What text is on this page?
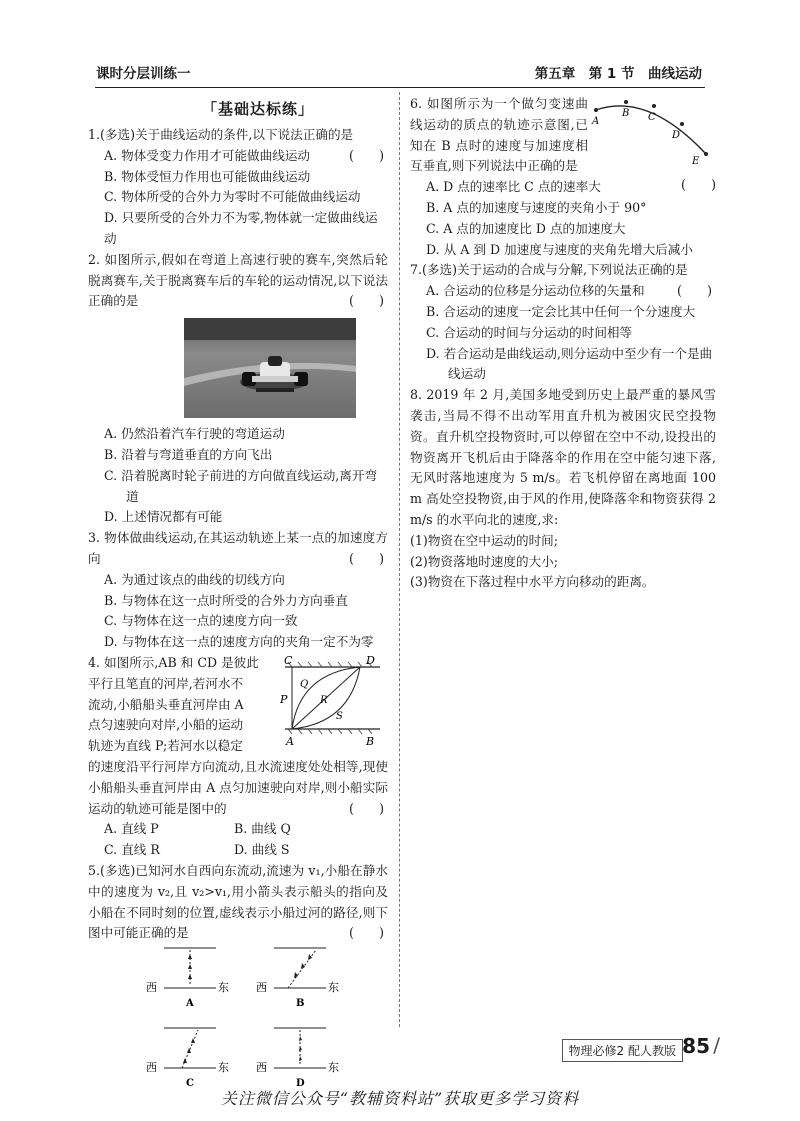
课时分层训练一	第五章　第 1 节　曲线运动
「基础达标练」
1.(多选)关于曲线运动的条件,以下说法正确的是
(　　)
A. 物体受变力作用才可能做曲线运动
B. 物体受恒力作用也可能做曲线运动
C. 物体所受的合外力为零时不可能做曲线运动
D. 只要所受的合外力不为零,物体就一定做曲线运动
2. 如图所示,假如在弯道上高速行驶的赛车,突然后轮脱离赛车,关于脱离赛车后的车轮的运动情况,以下说法正确的是	(　　)
A. 仍然沿着汽车行驶的弯道运动
B. 沿着与弯道垂直的方向飞出
C. 沿着脱离时轮子前进的方向做直线运动,离开弯道
D. 上述情况都有可能
3. 物体做曲线运动,在其运动轨迹上某一点的加速度方向	(　　)
A. 为通过该点的曲线的切线方向
B. 与物体在这一点时所受的合外力方向垂直
C. 与物体在这一点的速度方向一致
D. 与物体在这一点的速度方向的夹角一定不为零
4. 如图所示,AB 和 CD 是彼此
平行且笔直的河岸,若河水不
流动,小船船头垂直河岸由 A
点匀速驶向对岸,小船的运动
轨迹为直线 P;若河水以稳定
C	D
A	B
P
Q
R
S
的速度沿平行河岸方向流动,且水流速度处处相等,现使小船船头垂直河岸由 A 点匀加速驶向对岸,则小船实际运动的轨迹可能是图中的	(　　)
A. 直线 P	B. 曲线 Q
C. 直线 R	D. 曲线 S
5.(多选)已知河水自西向东流动,流速为 v₁,小船在静水中的速度为 v₂,且 v₂>v₁,用小箭头表示船头的指向及小船在不同时刻的位置,虚线表示小船过河的路径,则下图中可能正确的是	(　　)
西	东
A
西	东
B
西	东
C
西	东
D
6. 如图所示为一个做匀变速曲线运动的质点的轨迹示意图,已知在 B 点时的速度与加速度相互垂直,则下列说法中正确的是
(　　)
A
B C
D
E
A. D 点的速率比 C 点的速率大
B. A 点的加速度与速度的夹角小于 90°
C. A 点的加速度比 D 点的加速度大
D. 从 A 到 D 加速度与速度的夹角先增大后减小
7.(多选)关于运动的合成与分解,下列说法正确的是
(　　)
A. 合运动的位移是分运动位移的矢量和
B. 合运动的速度一定会比其中任何一个分速度大
C. 合运动的时间与分运动的时间相等
D. 若合运动是曲线运动,则分运动中至少有一个是曲线运动
8. 2019 年 2 月,美国多地受到历史上最严重的暴风雪袭击,当局不得不出动军用直升机为被困灾民空投物资。直升机空投物资时,可以停留在空中不动,设投出的物资离开飞机后由于降落伞的作用在空中能匀速下落,无风时落地速度为 5 m/s。若飞机停留在离地面 100 m 高处空投物资,由于风的作用,使降落伞和物资获得 2 m/s 的水平向北的速度,求:
(1)物资在空中运动的时间;
(2)物资落地时速度的大小;
(3)物资在下落过程中水平方向移动的距离。
物理必修2 配人教版 85 /
关注微信公众号“教辅资料站”获取更多学习资料
